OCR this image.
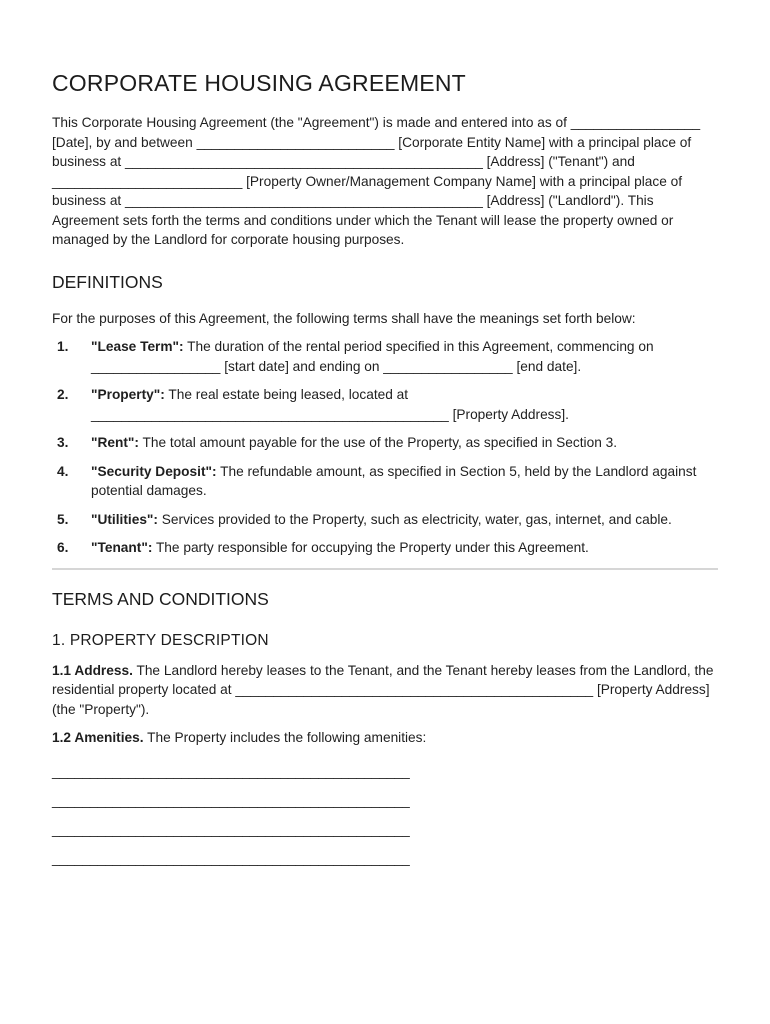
CORPORATE HOUSING AGREEMENT

This Corporate Housing Agreement (the "Agreement") is made and entered into as of _________________ [Date], by and between __________________________ [Corporate Entity Name] with a principal place of business at _______________________________________________ [Address] ("Tenant") and _________________________ [Property Owner/Management Company Name] with a principal place of business at _______________________________________________ [Address] ("Landlord"). This Agreement sets forth the terms and conditions under which the Tenant will lease the property owned or managed by the Landlord for corporate housing purposes.

DEFINITIONS

For the purposes of this Agreement, the following terms shall have the meanings set forth below:

1. "Lease Term": The duration of the rental period specified in this Agreement, commencing on _________________ [start date] and ending on _________________ [end date].
2. "Property": The real estate being leased, located at _______________________________________________ [Property Address].
3. "Rent": The total amount payable for the use of the Property, as specified in Section 3.
4. "Security Deposit": The refundable amount, as specified in Section 5, held by the Landlord against potential damages.
5. "Utilities": Services provided to the Property, such as electricity, water, gas, internet, and cable.
6. "Tenant": The party responsible for occupying the Property under this Agreement.
TERMS AND CONDITIONS
1. PROPERTY DESCRIPTION

1.1 Address. The Landlord hereby leases to the Tenant, and the Tenant hereby leases from the Landlord, the residential property located at _______________________________________________ [Property Address] (the "Property").

1.2 Amenities. The Property includes the following amenities:

_______________________________________________
_______________________________________________
_______________________________________________
_______________________________________________
